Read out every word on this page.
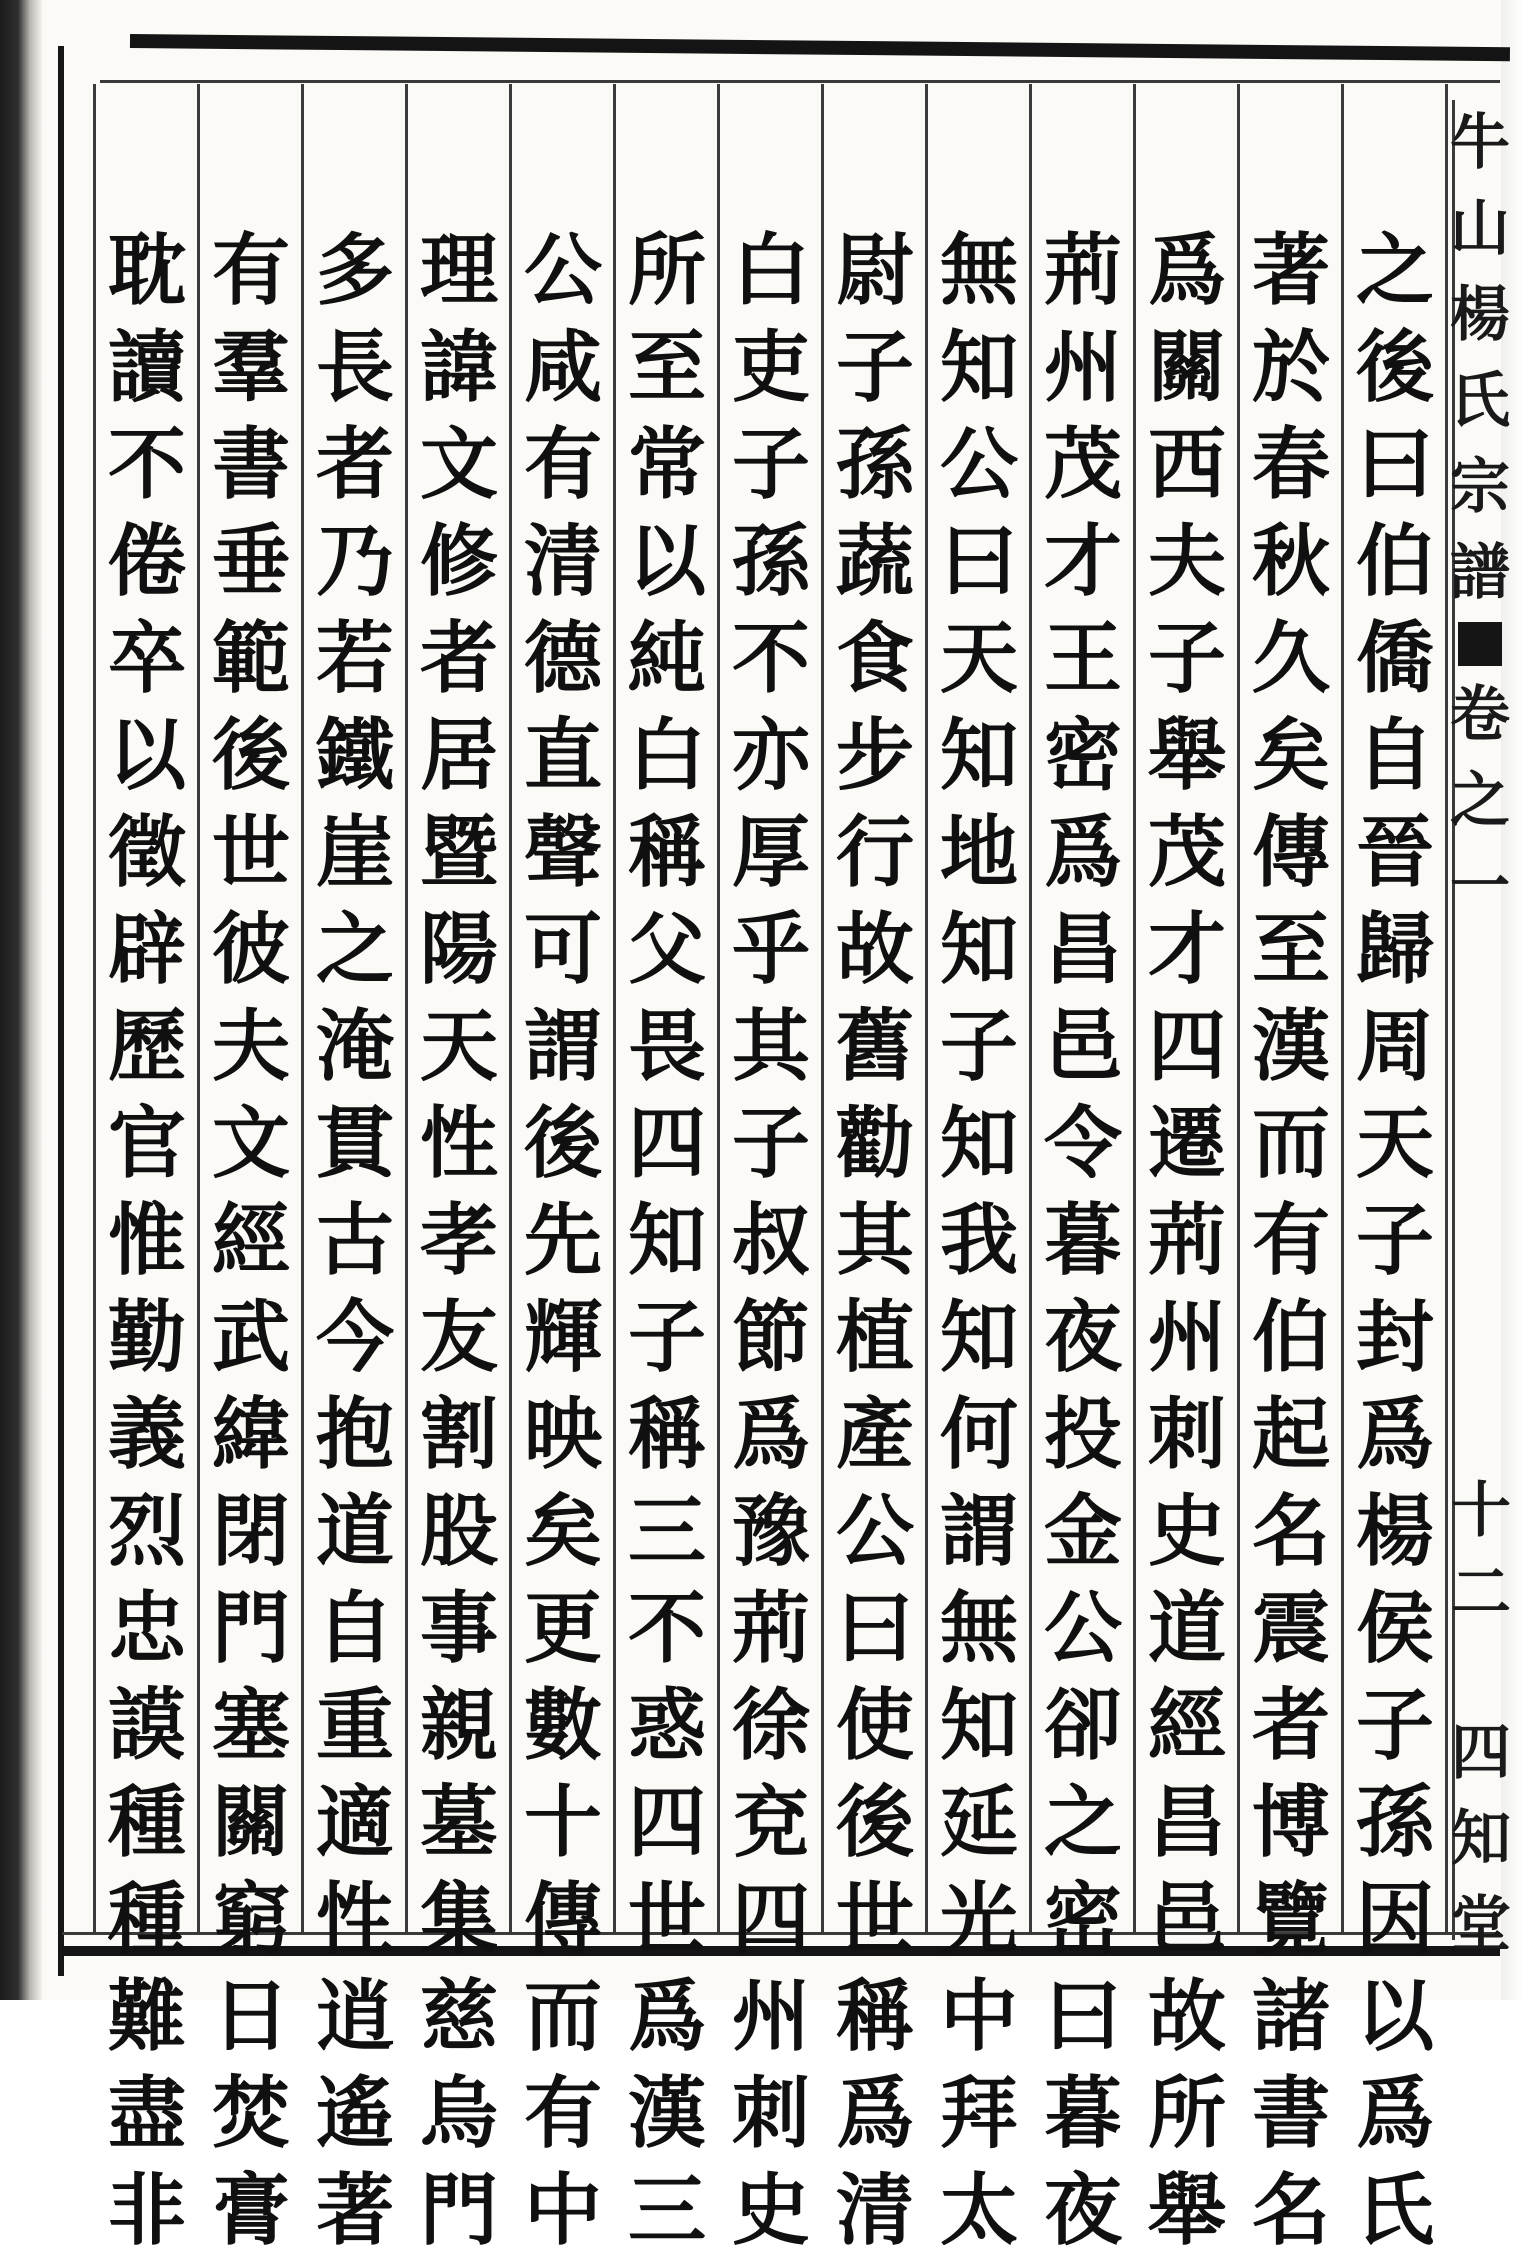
之
後
曰
伯
僑
自
晉
歸
周
天
子
封
爲
楊
侯
子
孫
因
以
爲
氏
著
於
春
秋
久
矣
傳
至
漢
而
有
伯
起
名
震
者
博
覽
諸
書
名
爲
關
西
夫
子
舉
茂
才
四
遷
荊
州
刺
史
道
經
昌
邑
故
所
舉
荊
州
茂
才
王
密
爲
昌
邑
令
暮
夜
投
金
公
卻
之
密
曰
暮
夜
無
知
公
曰
天
知
地
知
子
知
我
知
何
謂
無
知
延
光
中
拜
太
尉
子
孫
蔬
食
步
行
故
舊
勸
其
植
產
公
曰
使
後
世
稱
爲
清
白
吏
子
孫
不
亦
厚
乎
其
子
叔
節
爲
豫
荊
徐
兗
四
州
刺
史
所
至
常
以
純
白
稱
父
畏
四
知
子
稱
三
不
惑
四
世
爲
漢
三
公
咸
有
清
德
直
聲
可
謂
後
先
輝
映
矣
更
數
十
傳
而
有
中
理
諱
文
修
者
居
暨
陽
天
性
孝
友
割
股
事
親
墓
集
慈
烏
門
多
長
者
乃
若
鐵
崖
之
淹
貫
古
今
抱
道
自
重
適
性
逍
遙
著
有
羣
書
垂
範
後
世
彼
夫
文
經
武
緯
閉
門
塞
關
窮
日
焚
膏
耽
讀
不
倦
卒
以
徵
辟
歷
官
惟
勤
義
烈
忠
謨
種
種
難
盡
非
牛
山
楊
氏
宗
譜
卷
之
一
十
二
四
知
堂
